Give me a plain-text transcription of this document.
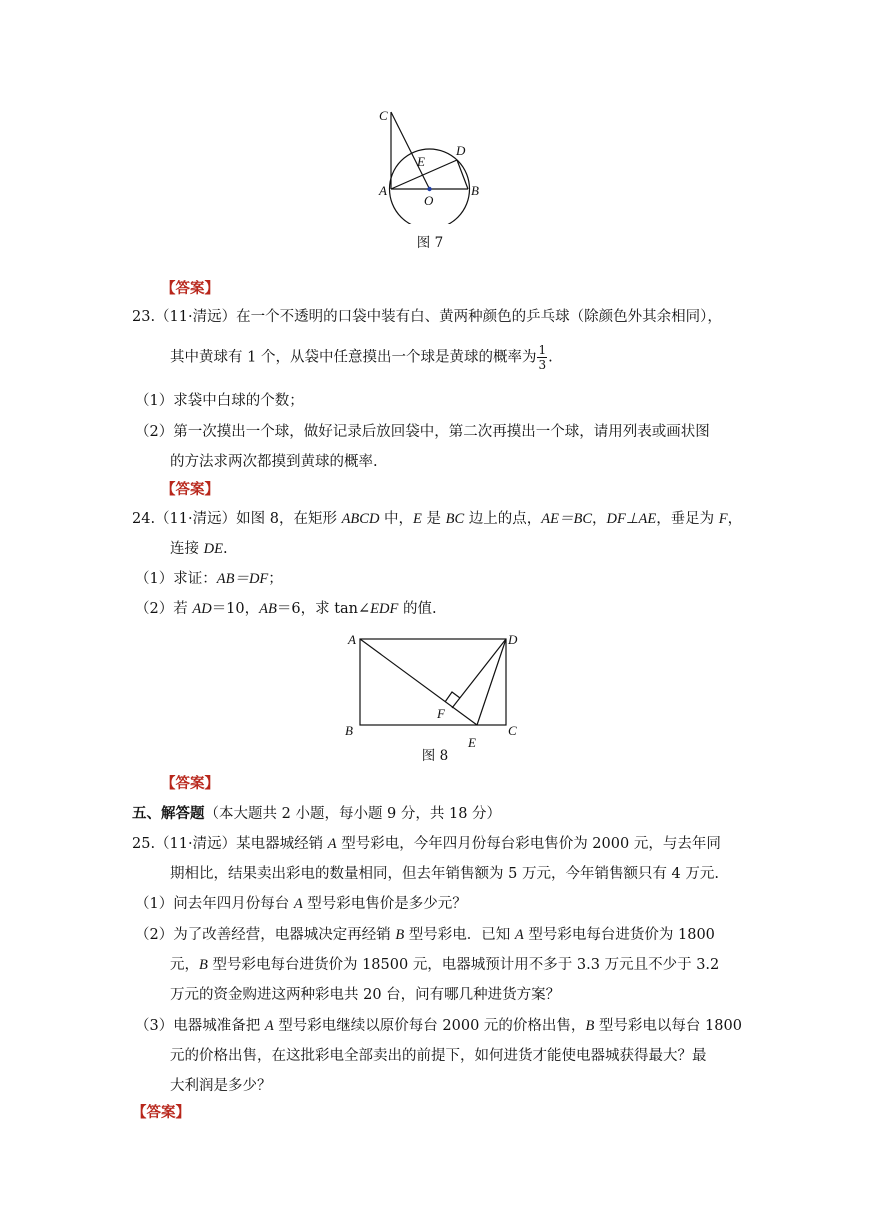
C
E
D
A
O
B
图 7
【答案】
23.（11·清远）在一个不透明的口袋中装有白、黄两种颜色的乒乓球（除颜色外其余相同），
其中黄球有 1 个，从袋中任意摸出一个球是黄球的概率为 $\frac{1}{3}$ .
（1）求袋中白球的个数；
（2）第一次摸出一个球，做好记录后放回袋中，第二次再摸出一个球，请用列表或画状图
的方法求两次都摸到黄球的概率.
【答案】
24.（11·清远）如图 8，在矩形 ABCD 中，E 是 BC 边上的点，AE＝BC，DF⊥AE，垂足为 F，
连接 DE.
（1）求证：AB＝DF；
（2）若 AD＝10，AB＝6，求 tan∠EDF 的值.
A	D
F
B
E
C
图 8
【答案】
五、解答题（本大题共 2 小题，每小题 9 分，共 18 分）
25.（11·清远）某电器城经销 A 型号彩电，今年四月份每台彩电售价为 2000 元，与去年同
期相比，结果卖出彩电的数量相同，但去年销售额为 5 万元，今年销售额只有 4 万元.
（1）问去年四月份每台 A 型号彩电售价是多少元？
（2）为了改善经营，电器城决定再经销 B 型号彩电．已知 A 型号彩电每台进货价为 1800
元，B 型号彩电每台进货价为 18500 元，电器城预计用不多于 3.3 万元且不少于 3.2
万元的资金购进这两种彩电共 20 台，问有哪几种进货方案？
（3）电器城准备把 A 型号彩电继续以原价每台 2000 元的价格出售，B 型号彩电以每台 1800
元的价格出售，在这批彩电全部卖出的前提下，如何进货才能使电器城获得最大？最
大利润是多少？
【答案】
